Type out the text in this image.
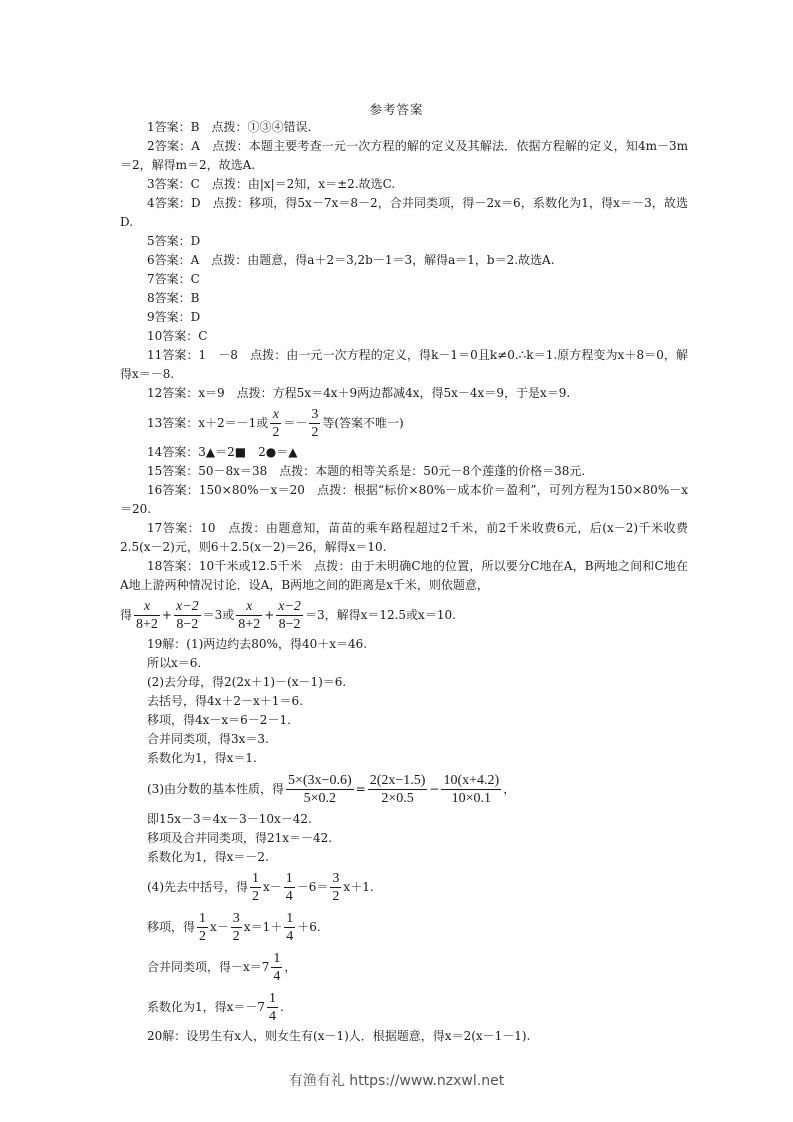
参考答案

1答案：B　点拨：①③④错误.

2答案：A　点拨：本题主要考查一元一次方程的解的定义及其解法．依据方程解的定义，知4m－3m＝2，解得m＝2，故选A.

3答案：C　点拨：由|x|＝2知，x＝±2.故选C.

4答案：D　点拨：移项，得5x－7x＝8－2，合并同类项，得－2x＝6，系数化为1，得x＝－3，故选D.

5答案：D

6答案：A　点拨：由题意，得a＋2＝3,2b－1＝3，解得a＝1，b＝2.故选A.

7答案：C

8答案：B

9答案：D

10答案：C

11答案：1　－8　点拨：由一元一次方程的定义，得k－1＝0且k≠0.∴k＝1.原方程变为x＋8＝0，解得x＝－8.

12答案：x＝9　点拨：方程5x＝4x＋9两边都减4x，得5x－4x＝9，于是x＝9.

13答案：x＋2＝－1或 $\frac{x}{2} =- \frac{3}{2}$ 等(答案不唯一)

14答案：3▲＝2■　2●＝▲

15答案：50－8x＝38　点拨：本题的相等关系是：50元－8个莲蓬的价格＝38元.

16答案：150×80%－x＝20　点拨：根据“标价×80%－成本价＝盈利”，可列方程为150×80%－x＝20.

17答案：10　点拨：由题意知，苗苗的乘车路程超过2千米，前2千米收费6元，后(x－2)千米收费2.5(x－2)元，则6＋2.5(x－2)＝26，解得x＝10.

18答案：10千米或12.5千米　点拨：由于未明确C地的位置，所以要分C地在A，B两地之间和C地在A地上游两种情况讨论．设A，B两地之间的距离是x千米，则依题意，

得 $\frac{x}{8+2} + \frac{x-2}{8-2} =3$或 $\frac{x}{8+2} + \frac{x-2}{8-2} =3$，解得x＝12.5或x＝10.

19解：(1)两边约去80%，得40＋x＝46.

所以x＝6.

(2)去分母，得2(2x＋1)－(x－1)＝6.

去括号，得4x＋2－x＋1＝6.

移项，得4x－x＝6－2－1.

合并同类项，得3x＝3.

系数化为1，得x＝1.

(3)由分数的基本性质，得 $\frac{5\times(3x-0.6)}{5\times 0.2} = \frac{2(2x-1.5)}{2\times 0.5} - \frac{10(x+4.2)}{10\times 0.1}$ ，

即15x－3＝4x－3－10x－42.

移项及合并同类项，得21x＝－42.

系数化为1，得x＝－2.

(4)先去中括号，得 $\frac{1}{2} x- \frac{1}{4} -6= \frac{3}{2} x+1$.

移项，得 $\frac{1}{2} x- \frac{3}{2} x=1+ \frac{1}{4} +6$.

合并同类项，得$-x=7 \frac{1}{4}$ ，

系数化为1，得$x=-7 \frac{1}{4}$ .

20解：设男生有x人，则女生有(x－1)人．根据题意，得x＝2(x－1－1).

有渔有礼 https://www.nzxwl.net
